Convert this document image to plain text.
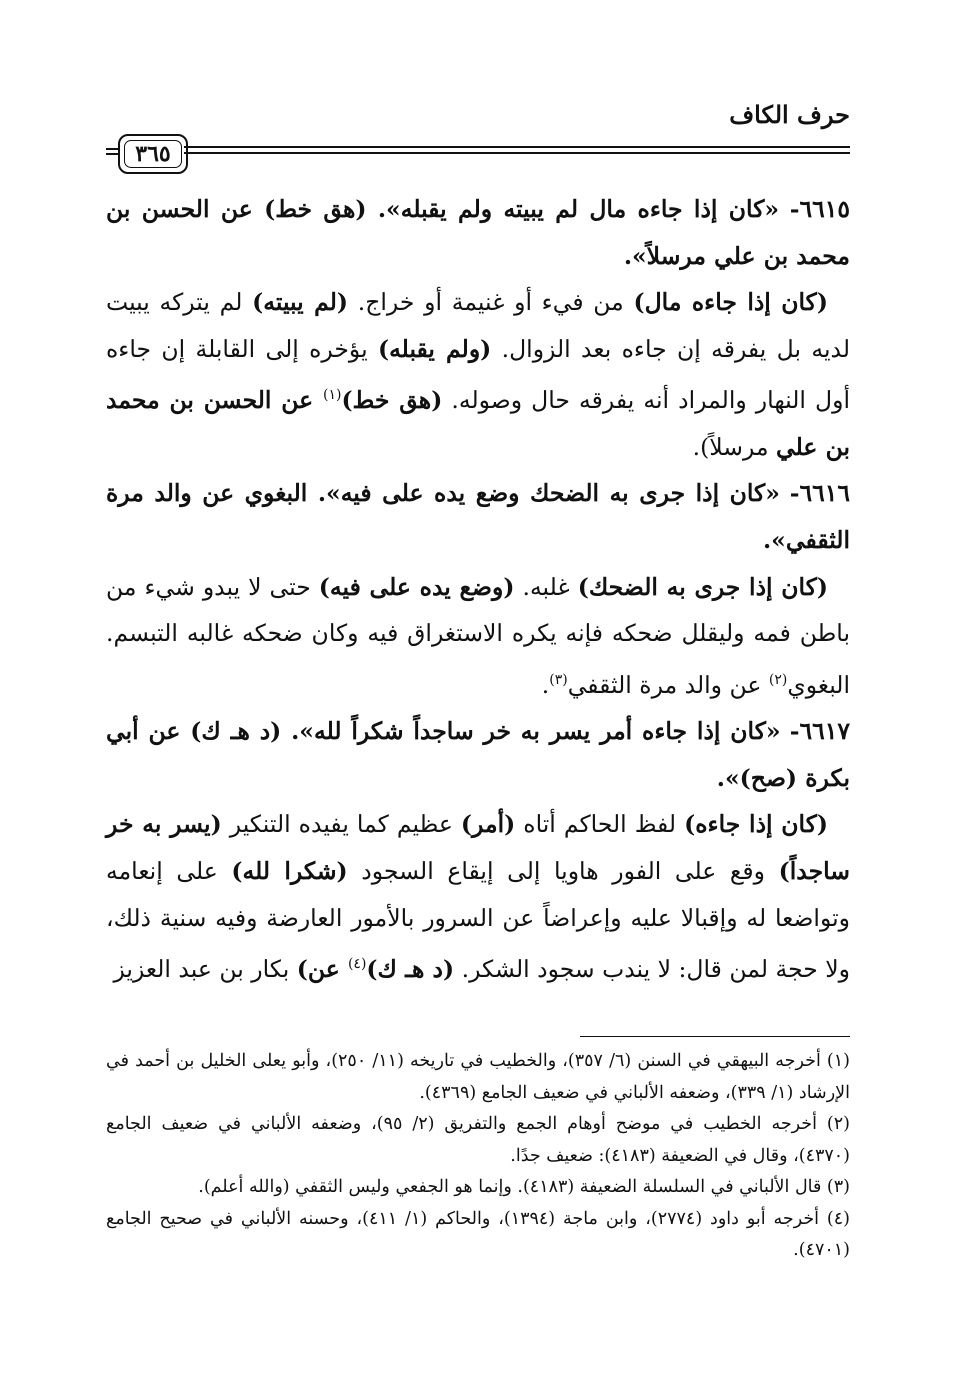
حرف الكاف
٣٦٥

٦٦١٥- «كان إذا جاءه مال لم يبيته ولم يقبله». (هق خط) عن الحسن بن محمد بن علي مرسلاً».

(كان إذا جاءه مال) من فيء أو غنيمة أو خراج. (لم يبيته) لم يتركه يبيت لديه بل يفرقه إن جاءه بعد الزوال. (ولم يقبله) يؤخره إلى القابلة إن جاءه أول النهار والمراد أنه يفرقه حال وصوله. (هق خط)$^{(١)}$ عن الحسن بن محمد بن علي مرسلاً).

٦٦١٦- «كان إذا جرى به الضحك وضع يده على فيه». البغوي عن والد مرة الثقفي».

(كان إذا جرى به الضحك) غلبه. (وضع يده على فيه) حتى لا يبدو شيء من باطن فمه وليقلل ضحكه فإنه يكره الاستغراق فيه وكان ضحكه غالبه التبسم. البغوي$^{(٢)}$ عن والد مرة الثقفي$^{(٣)}$.

٦٦١٧- «كان إذا جاءه أمر يسر به خر ساجداً شكراً لله». (د هـ ك) عن أبي بكرة (صح)».

(كان إذا جاءه) لفظ الحاكم أتاه (أمر) عظيم كما يفيده التنكير (يسر به خر ساجداً) وقع على الفور هاويا إلى إيقاع السجود (شكرا لله) على إنعامه وتواضعا له وإقبالا عليه وإعراضاً عن السرور بالأمور العارضة وفيه سنية ذلك، ولا حجة لمن قال: لا يندب سجود الشكر. (د هـ ك)$^{(٤)}$ عن) بكار بن عبد العزيز

(١) أخرجه البيهقي في السنن (٦/ ٣٥٧)، والخطيب في تاريخه (١١/ ٢٥٠)، وأبو يعلى الخليل بن أحمد في الإرشاد (١/ ٣٣٩)، وضعفه الألباني في ضعيف الجامع (٤٣٦٩).

(٢) أخرجه الخطيب في موضح أوهام الجمع والتفريق (٢/ ٩٥)، وضعفه الألباني في ضعيف الجامع (٤٣٧٠)، وقال في الضعيفة (٤١٨٣): ضعيف جدًا.

(٣) قال الألباني في السلسلة الضعيفة (٤١٨٣). وإنما هو الجفعي وليس الثقفي (والله أعلم).

(٤) أخرجه أبو داود (٢٧٧٤)، وابن ماجة (١٣٩٤)، والحاكم (١/ ٤١١)، وحسنه الألباني في صحيح الجامع (٤٧٠١).
